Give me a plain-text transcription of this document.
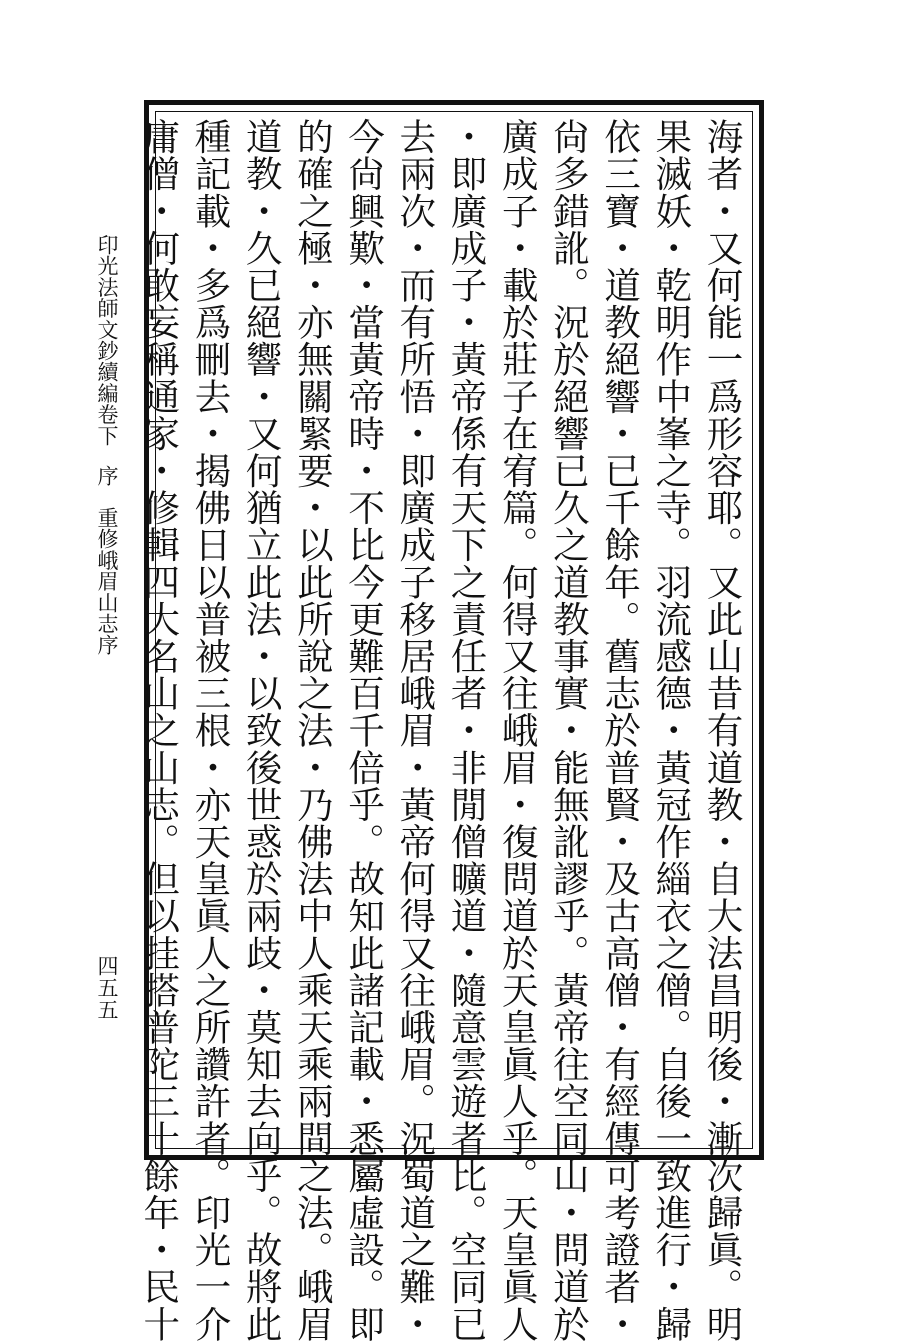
海者・又何能一爲形容耶。又此山昔有道教・自大法昌明後・漸次歸眞。明
果滅妖・乾明作中峯之寺。羽流感德・黃冠作緇衣之僧。自後一致進行・歸
依三寶・道教絕響・已千餘年。舊志於普賢・及古高僧・有經傳可考證者・
尙多錯訛。況於絕響已久之道教事實・能無訛謬乎。黃帝往空同山・問道於
廣成子・載於莊子在宥篇。何得又往峨眉・復問道於天皇眞人乎。天皇眞人
・即廣成子・黃帝係有天下之責任者・非閒僧曠道・隨意雲遊者比。空同已
去兩次・而有所悟・即廣成子移居峨眉・黃帝何得又往峨眉。況蜀道之難・
今尙興歎・當黃帝時・不比今更難百千倍乎。故知此諸記載・悉屬虛設。即
的確之極・亦無關緊要・以此所說之法・乃佛法中人乘天乘兩間之法。峨眉
道教・久已絕響・又何猶立此法・以致後世惑於兩歧・莫知去向乎。故將此
種記載・多爲刪去・揭佛日以普被三根・亦天皇眞人之所讚許者。印光一介
庸僧・何敢妄稱通家・修輯四大名山之山志。但以挂搭普陀三十餘年・民十
印光法師文鈔續編卷下序重修峨眉山志序
四五五
